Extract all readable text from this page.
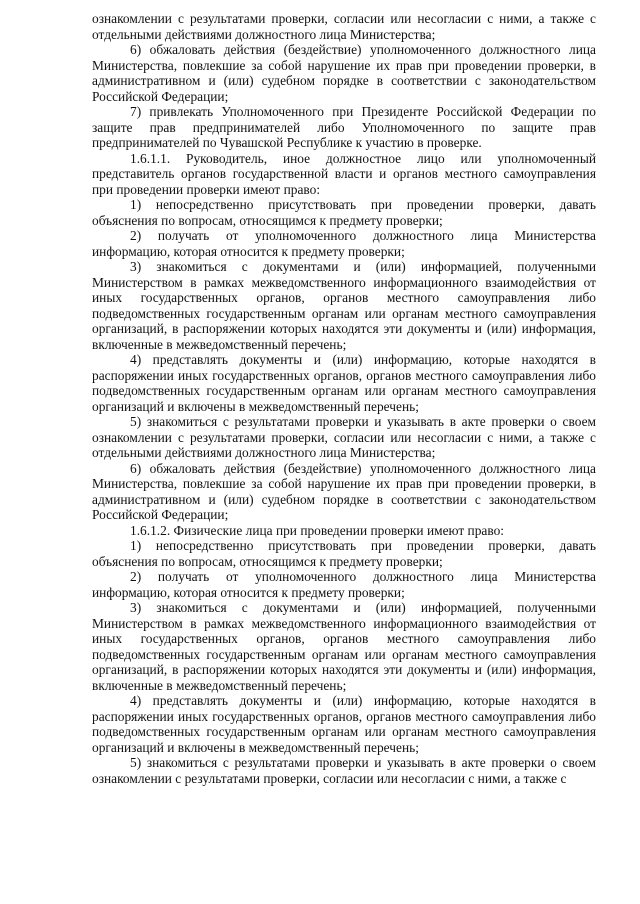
ознакомлении с результатами проверки, согласии или несогласии с ними, а также с отдельными действиями должностного лица Министерства;

6) обжаловать действия (бездействие) уполномоченного должностного лица Министерства, повлекшие за собой нарушение их прав при проведении проверки, в административном и (или) судебном порядке в соответствии с законодательством Российской Федерации;

7) привлекать Уполномоченного при Президенте Российской Федерации по защите прав предпринимателей либо Уполномоченного по защите прав предпринимателей по Чувашской Республике к участию в проверке.

1.6.1.1. Руководитель, иное должностное лицо или уполномоченный представитель органов государственной власти и органов местного самоуправления при проведении проверки имеют право:

1) непосредственно присутствовать при проведении проверки, давать объяснения по вопросам, относящимся к предмету проверки;

2) получать от уполномоченного должностного лица Министерства информацию, которая относится к предмету проверки;

3) знакомиться с документами и (или) информацией, полученными Министерством в рамках межведомственного информационного взаимодействия от иных государственных органов, органов местного самоуправления либо подведомственных государственным органам или органам местного самоуправления организаций, в распоряжении которых находятся эти документы и (или) информация, включенные в межведомственный перечень;

4) представлять документы и (или) информацию, которые находятся в распоряжении иных государственных органов, органов местного самоуправления либо подведомственных государственным органам или органам местного самоуправления организаций и включены в межведомственный перечень;

5) знакомиться с результатами проверки и указывать в акте проверки о своем ознакомлении с результатами проверки, согласии или несогласии с ними, а также с отдельными действиями должностного лица Министерства;

6) обжаловать действия (бездействие) уполномоченного должностного лица Министерства, повлекшие за собой нарушение их прав при проведении проверки, в административном и (или) судебном порядке в соответствии с законодательством Российской Федерации;

1.6.1.2. Физические лица при проведении проверки имеют право:

1) непосредственно присутствовать при проведении проверки, давать объяснения по вопросам, относящимся к предмету проверки;

2) получать от уполномоченного должностного лица Министерства информацию, которая относится к предмету проверки;

3) знакомиться с документами и (или) информацией, полученными Министерством в рамках межведомственного информационного взаимодействия от иных государственных органов, органов местного самоуправления либо подведомственных государственным органам или органам местного самоуправления организаций, в распоряжении которых находятся эти документы и (или) информация, включенные в межведомственный перечень;

4) представлять документы и (или) информацию, которые находятся в распоряжении иных государственных органов, органов местного самоуправления либо подведомственных государственным органам или органам местного самоуправления организаций и включены в межведомственный перечень;

5) знакомиться с результатами проверки и указывать в акте проверки о своем ознакомлении с результатами проверки, согласии или несогласии с ними, а также с
